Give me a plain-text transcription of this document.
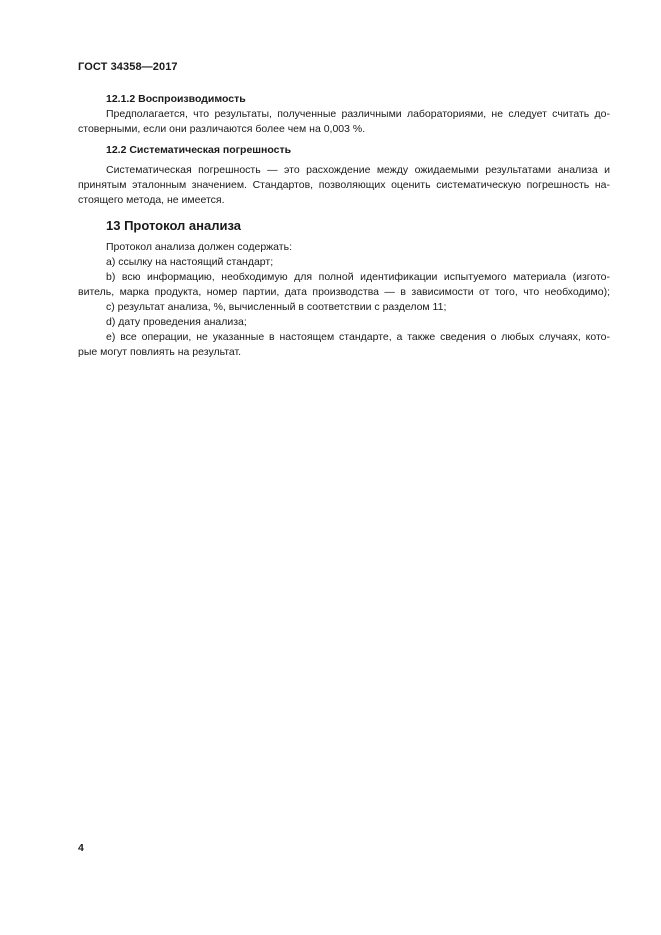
ГОСТ 34358—2017
12.1.2 Воспроизводимость
Предполагается, что результаты, полученные различными лабораториями, не следует считать до-
стоверными, если они различаются более чем на 0,003 %.
12.2 Систематическая погрешность
Систематическая погрешность — это расхождение между ожидаемыми результатами анализа и
принятым эталонным значением. Стандартов, позволяющих оценить систематическую погрешность на-
стоящего метода, не имеется.
13 Протокол анализа
Протокол анализа должен содержать:
a) ссылку на настоящий стандарт;
b) всю информацию, необходимую для полной идентификации испытуемого материала (изгото-
витель, марка продукта, номер партии, дата производства — в зависимости от того, что необходимо);
c) результат анализа, %, вычисленный в соответствии с разделом 11;
d) дату проведения анализа;
e) все операции, не указанные в настоящем стандарте, а также сведения о любых случаях, кото-
рые могут повлиять на результат.
4
